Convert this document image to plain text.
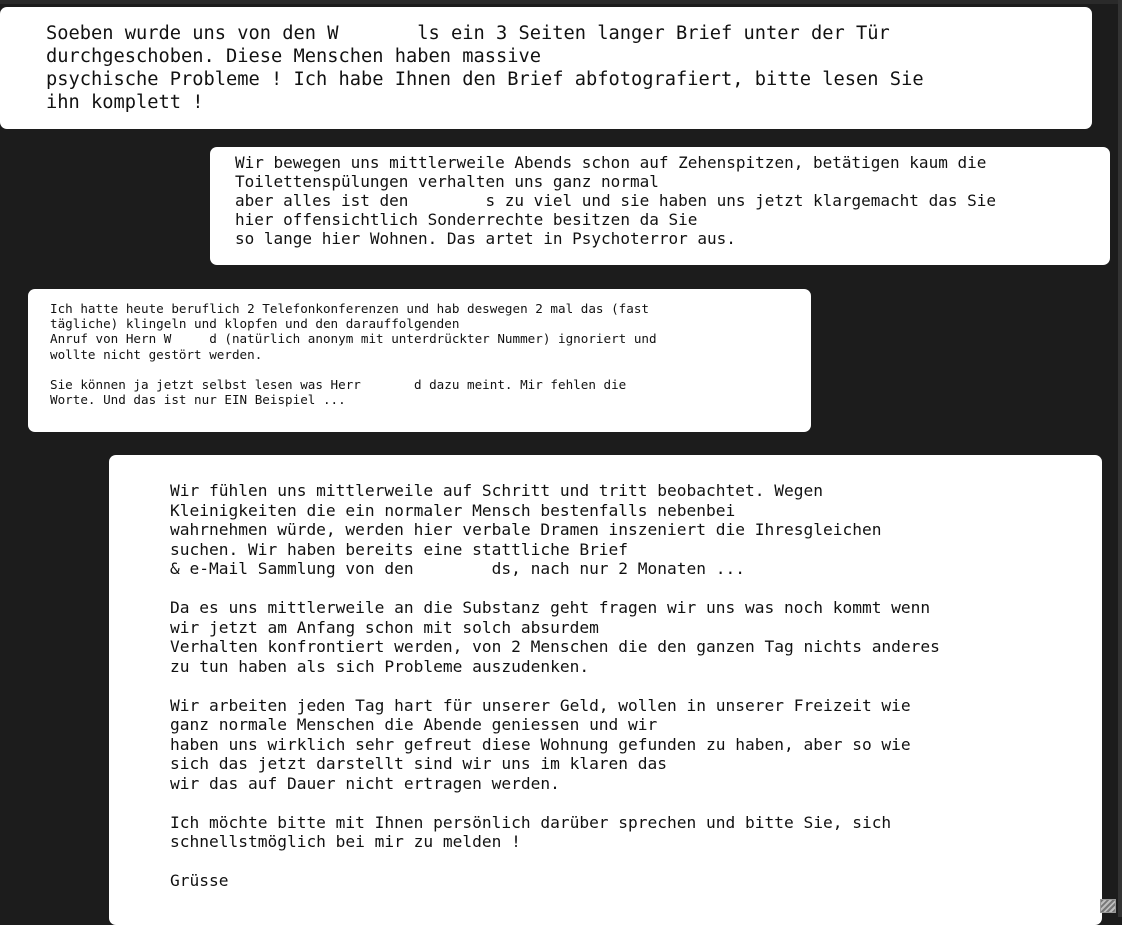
Soeben wurde uns von den W       ls ein 3 Seiten langer Brief unter der Tür
durchgeschoben. Diese Menschen haben massive
psychische Probleme ! Ich habe Ihnen den Brief abfotografiert, bitte lesen Sie
ihn komplett !
Wir bewegen uns mittlerweile Abends schon auf Zehenspitzen, betätigen kaum die
Toilettenspülungen verhalten uns ganz normal
aber alles ist den        s zu viel und sie haben uns jetzt klargemacht das Sie
hier offensichtlich Sonderrechte besitzen da Sie
so lange hier Wohnen. Das artet in Psychoterror aus.
Ich hatte heute beruflich 2 Telefonkonferenzen und hab deswegen 2 mal das (fast
tägliche) klingeln und klopfen und den darauffolgenden
Anruf von Hern W     d (natürlich anonym mit unterdrückter Nummer) ignoriert und
wollte nicht gestört werden.
Sie können ja jetzt selbst lesen was Herr       d dazu meint. Mir fehlen die
Worte. Und das ist nur EIN Beispiel ...
Wir fühlen uns mittlerweile auf Schritt und tritt beobachtet. Wegen
Kleinigkeiten die ein normaler Mensch bestenfalls nebenbei
wahrnehmen würde, werden hier verbale Dramen inszeniert die Ihresgleichen
suchen. Wir haben bereits eine stattliche Brief
& e-Mail Sammlung von den        ds, nach nur 2 Monaten ...
Da es uns mittlerweile an die Substanz geht fragen wir uns was noch kommt wenn
wir jetzt am Anfang schon mit solch absurdem
Verhalten konfrontiert werden, von 2 Menschen die den ganzen Tag nichts anderes
zu tun haben als sich Probleme auszudenken.
Wir arbeiten jeden Tag hart für unserer Geld, wollen in unserer Freizeit wie
ganz normale Menschen die Abende geniessen und wir
haben uns wirklich sehr gefreut diese Wohnung gefunden zu haben, aber so wie
sich das jetzt darstellt sind wir uns im klaren das
wir das auf Dauer nicht ertragen werden.
Ich möchte bitte mit Ihnen persönlich darüber sprechen und bitte Sie, sich
schnellstmöglich bei mir zu melden !
Grüsse
